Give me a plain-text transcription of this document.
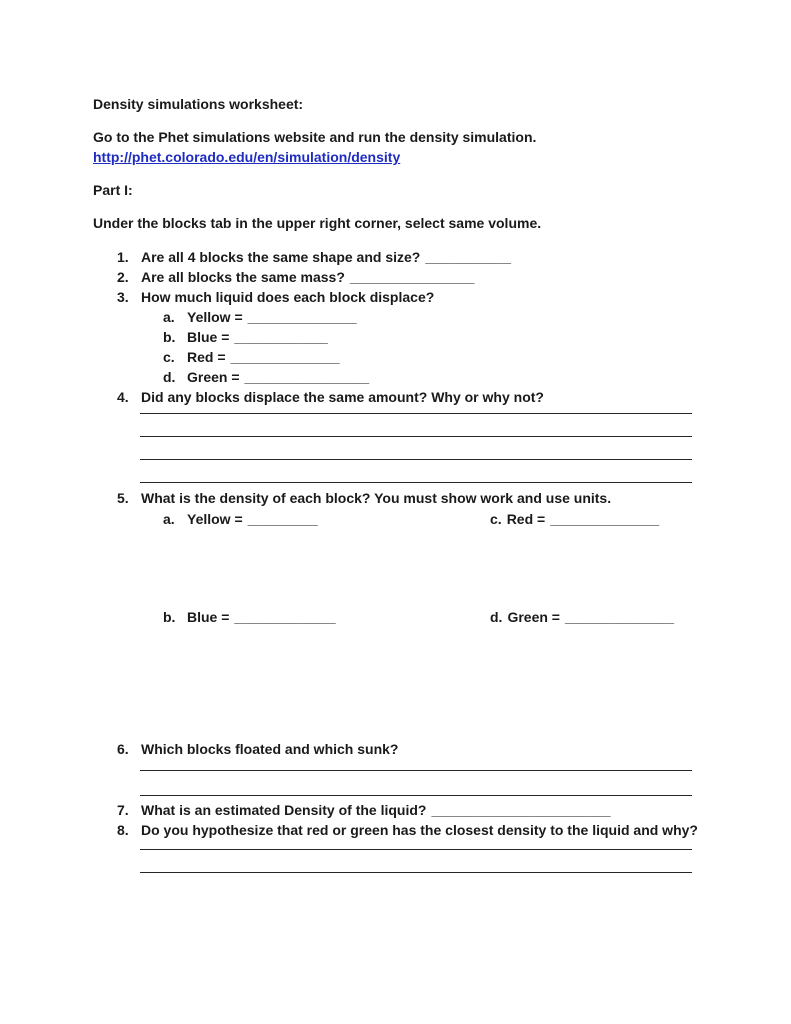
Density simulations worksheet:

Go to the Phet simulations website and run the density simulation.

http://phet.colorado.edu/en/simulation/density

Part I:

Under the blocks tab in the upper right corner, select same volume.

1. Are all 4 blocks the same shape and size? ___________
2. Are all blocks the same mass? ________________
3. How much liquid does each block displace?
a. Yellow = ______________
b. Blue = ____________
c. Red = ______________
d. Green = ________________
4. Did any blocks displace the same amount? Why or why not?
5. What is the density of each block? You must show work and use units.
a. Yellow = _________	c. Red = ______________
b. Blue = _____________	d. Green = ______________
6. Which blocks floated and which sunk?
7. What is an estimated Density of the liquid? _______________________
8. Do you hypothesize that red or green has the closest density to the liquid and why?
